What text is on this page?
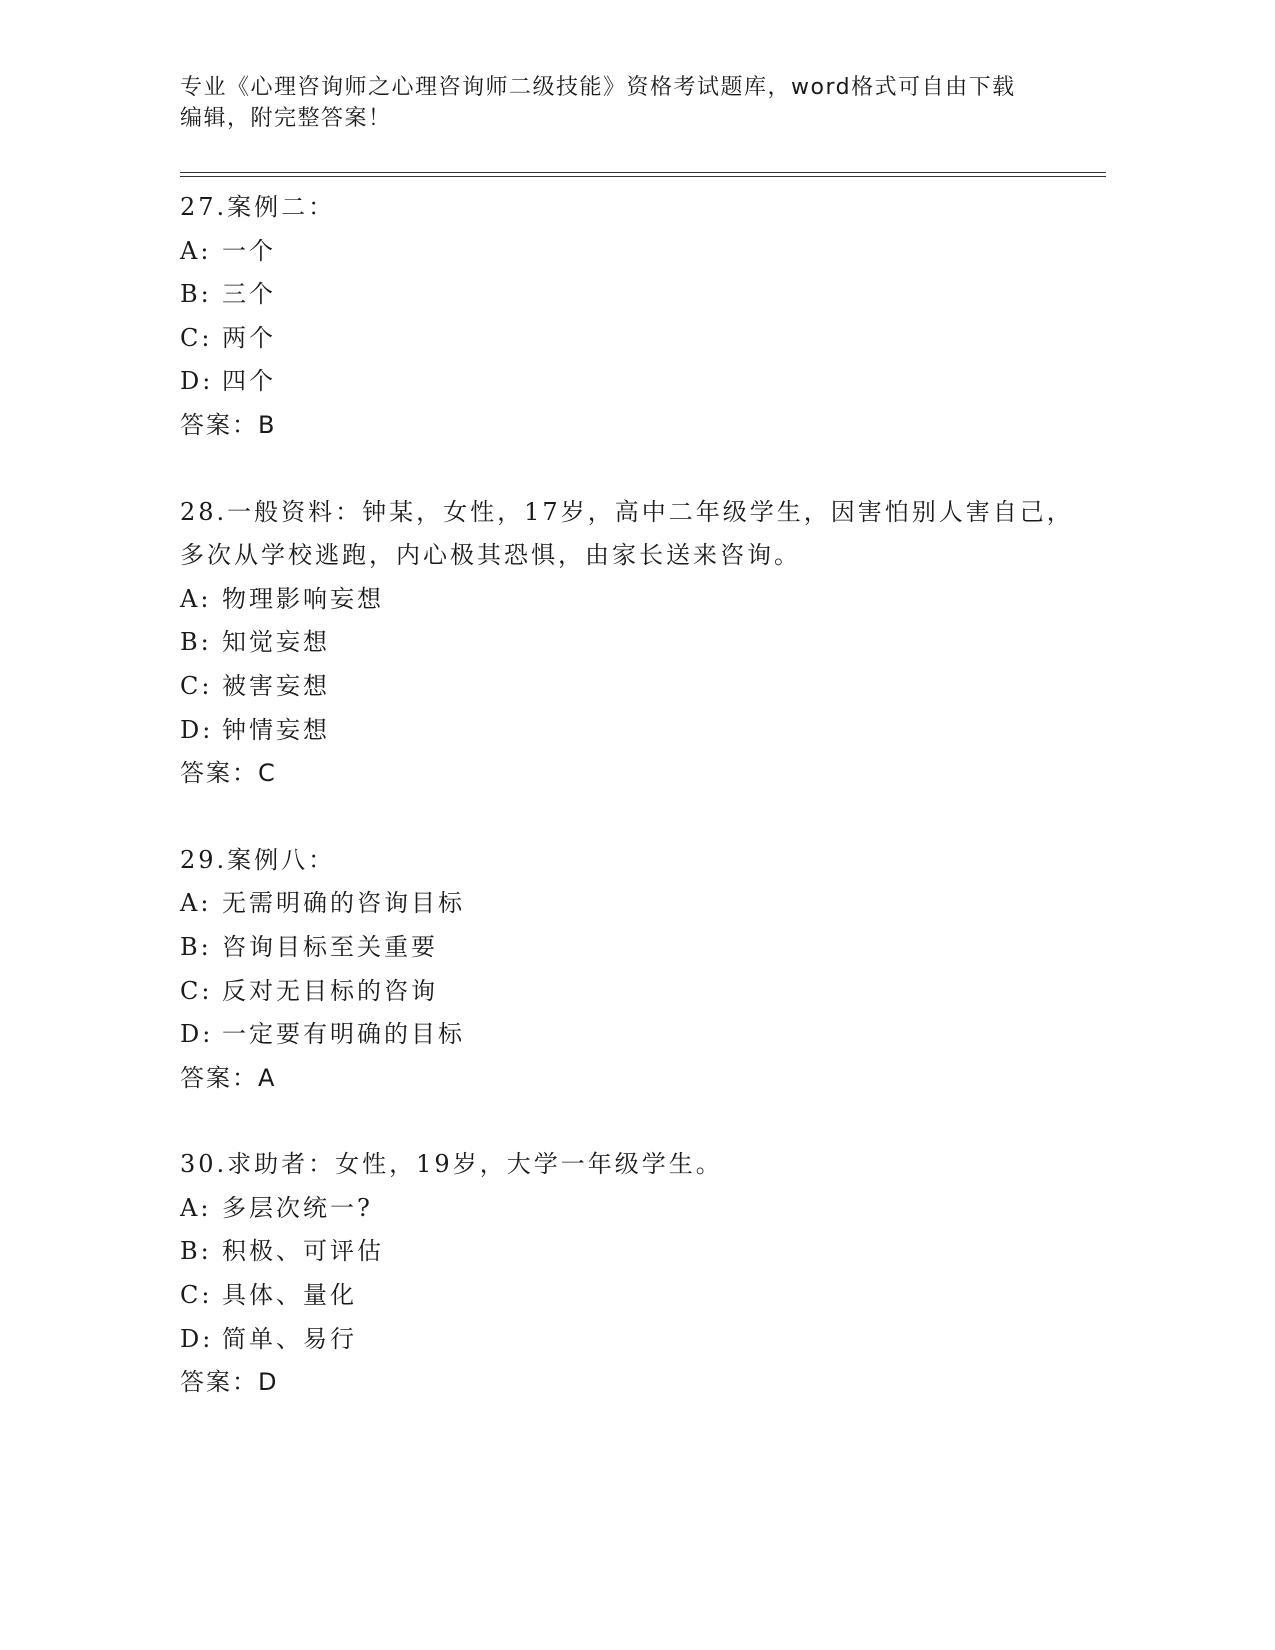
专业《心理咨询师之心理咨询师二级技能》资格考试题库，word格式可自由下载
编辑，附完整答案！
27.案例二：
A: 一个
B: 三个
C: 两个
D: 四个
答案：B
28.一般资料：钟某，女性，17岁，高中二年级学生，因害怕别人害自己，多次从学校逃跑，内心极其恐惧，由家长送来咨询。
A: 物理影响妄想
B: 知觉妄想
C: 被害妄想
D: 钟情妄想
答案：C
29.案例八：
A: 无需明确的咨询目标
B: 咨询目标至关重要
C: 反对无目标的咨询
D: 一定要有明确的目标
答案：A
30.求助者：女性，19岁，大学一年级学生。
A: 多层次统一?
B: 积极、可评估
C: 具体、量化
D: 简单、易行
答案：D
